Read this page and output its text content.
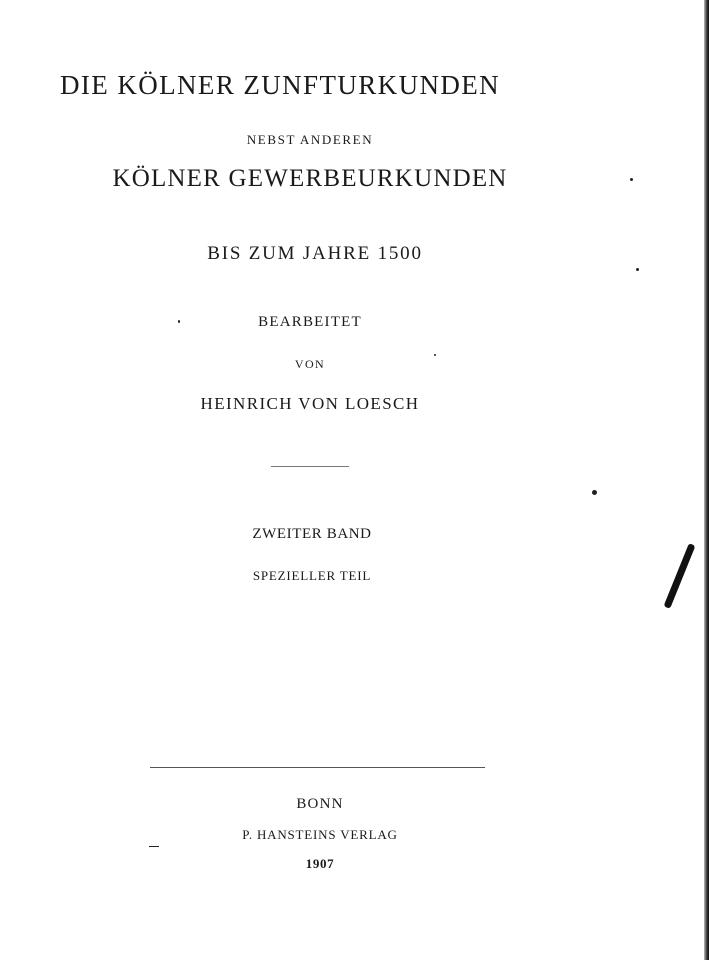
DIE KÖLNER ZUNFTURKUNDEN
NEBST ANDEREN
KÖLNER GEWERBEURKUNDEN
BIS ZUM JAHRE 1500
BEARBEITET
VON
HEINRICH VON LOESCH
ZWEITER BAND
SPEZIELLER TEIL
BONN
P. HANSTEINS VERLAG
1907
